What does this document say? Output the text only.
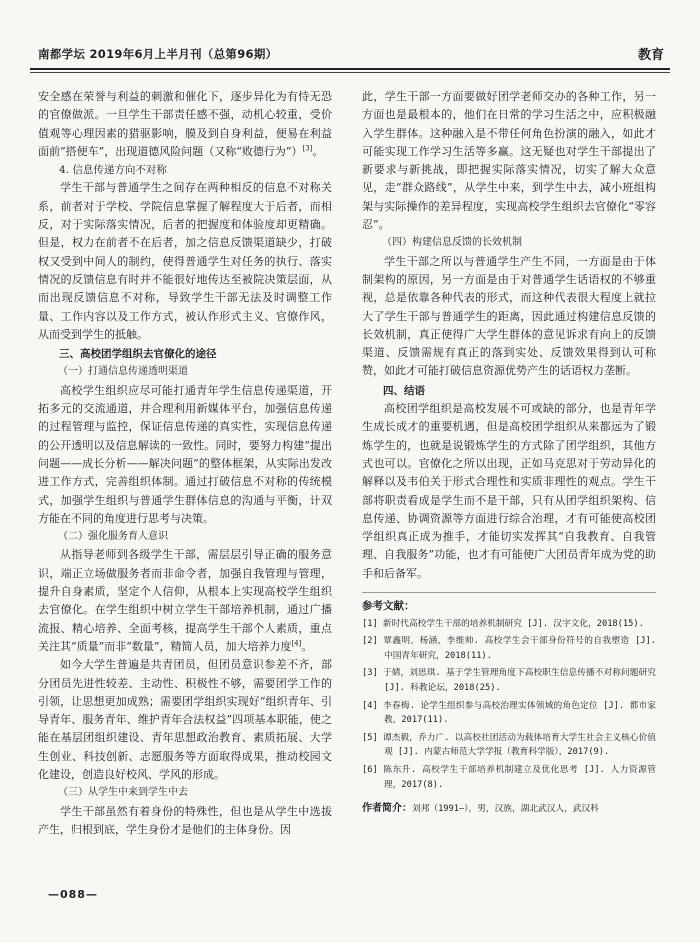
南都学坛 2019年6月上半月刊（总第96期）	教育

安全感在荣誉与利益的刺激和催化下，逐步异化为有恃无恐的官僚做派。一旦学生干部责任感不强，动机心较重，受价值观等心理因素的猎驱影响，膜及到自身利益，便易在利益面前“搭便车”，出现道德风险问题（又称“败德行为”）[3]。

4. 信息传递方向不对称

学生干部与普通学生之间存在两种相反的信息不对称关系，前者对于学校、学院信息掌握了解程度大于后者，而相反，对于实际落实情况，后者的把握度和体验度却更精确。但是，权力在前者不在后者，加之信息反馈渠道缺少，打破权又受到中间人的制约，使得普通学生对任务的执行、落实情况的反馈信息有时并不能很好地传达至被院决策层面，从而出现反馈信息不对称，导致学生干部无法及时调整工作量、工作内容以及工作方式，被认作形式主义、官僚作风，从而受到学生的抵触。

三、高校团学组织去官僚化的途径

（一）打通信息传递透明渠道

高校学生组织应尽可能打通青年学生信息传递渠道，开拓多元的交流通道，并合理利用新媒体平台，加强信息传递的过程管理与监控，保证信息传递的真实性，实现信息传递的公开透明以及信息解读的一致性。同时，要努力构建“提出问题——成长分析——解决问题”的整体框架，从实际出发改进工作方式，完善组织体制。通过打破信息不对称的传统模式，加强学生组织与普通学生群体信息的沟通与平衡，计双方能在不同的角度进行思考与决策。

（二）强化服务育人意识

从指导老师到各级学生干部，需层层引导正确的服务意识，端正立场做服务者而非命令者，加强自我管理与管理，提升自身素质，坚定个人信仰，从根本上实现高校学生组织去官僚化。在学生组织中树立学生干部培养机制，通过广播流报、精心培养、全面考核，提高学生干部个人素质，重点关注其“质量”而非“数量”，精简人员，加大培养力度[4]。

如今大学生普遍是共青团员，但团员意识参差不齐，部分团员先进性较差、主动性、积极性不够，需要团学工作的引领，让思想更加成熟；需要团学组织实现好“组织青年、引导青年、服务青年、维护青年合法权益”四项基本职能，使之能在基层团组织建设、青年思想政治教育、素质拓展、大学生创业、科技创新、志愿服务等方面取得成果，推动校园文化建设，创造良好校风、学风的形成。

（三）从学生中来到学生中去

学生干部虽然有着身份的特殊性，但也是从学生中选拔产生，归根到底，学生身份才是他们的主体身份。因

此，学生干部一方面要做好团学老师交办的各种工作，另一方面也是最根本的，他们在日常的学习生活之中，应积极融入学生群体。这种融入是不带任何角色扮演的融入，如此才可能实现工作学习生活等多赢。这无疑也对学生干部提出了新要求与新挑战，即把握实际落实情况，切实了解大众意见，走“群众路线”，从学生中来，到学生中去，减小班组构架与实际操作的差异程度，实现高校学生组织去官僚化“零容忍”。

（四）构建信息反馈的长效机制

学生干部之所以与普通学生产生不同，一方面是由于体制架构的原因，另一方面是由于对普通学生话语权的不够重视，总是依靠各种代表的形式，而这种代表很大程度上就拉大了学生干部与普通学生的距离，因此通过构建信息反馈的长效机制，真正使得广大学生群体的意见诉求有向上的反馈渠道、反馈需规有真正的落到实处、反馈效果得到认可称赞，如此才可能打破信息资源优势产生的话语权力垄断。

四、结语

高校团学组织是高校发展不可或缺的部分，也是青年学生成长成才的重要机遇，但是高校团学组织从来都远为了锻炼学生的，也就是说锻炼学生的方式除了团学组织，其他方式也可以。官僚化之所以出现，正如马克思对于劳动异化的解释以及韦伯关于形式合理性和实质非理性的观点。学生干部将职责看成是学生而不是干部，只有从团学组织架构、信息传递、协调资源等方面进行综合治理，才有可能使高校团学组织真正成为推手，才能切实发挥其“自我教育、自我管理、自我服务”功能，也才有可能使广大团员青年成为党的助手和后备军。

参考文献：

[1] 新时代高校学生干部的培养机制研究 [J]. 汉字文化，2018(15).

[2] 覃鑫明，杨涵，李维帅. 高校学生会干部身份符号的自我塑造 [J]. 中国青年研究，2018(11).

[3] 于婧，刘思琪. 基于学生管理角度下高校职生信息传播不对称问题研究 [J]. 科教论坛，2018(25).

[4] 李春梅. 论学生组织参与高校治理实体领域的角色定位 [J]. 都市家教，2017(11).

[5] 谭杰毅，乔力广. 以高校社团活动为载体培育大学生社会主义核心价值观 [J]. 内蒙古师范大学学报（教育科学版），2017(9).

[6] 陈东升. 高校学生干部培养机制建立及优化思考 [J]. 人力资源管理，2017(8).

作者简介：刘邦（1991—），男，汉族，湖北武汉人，武汉科
—088—
